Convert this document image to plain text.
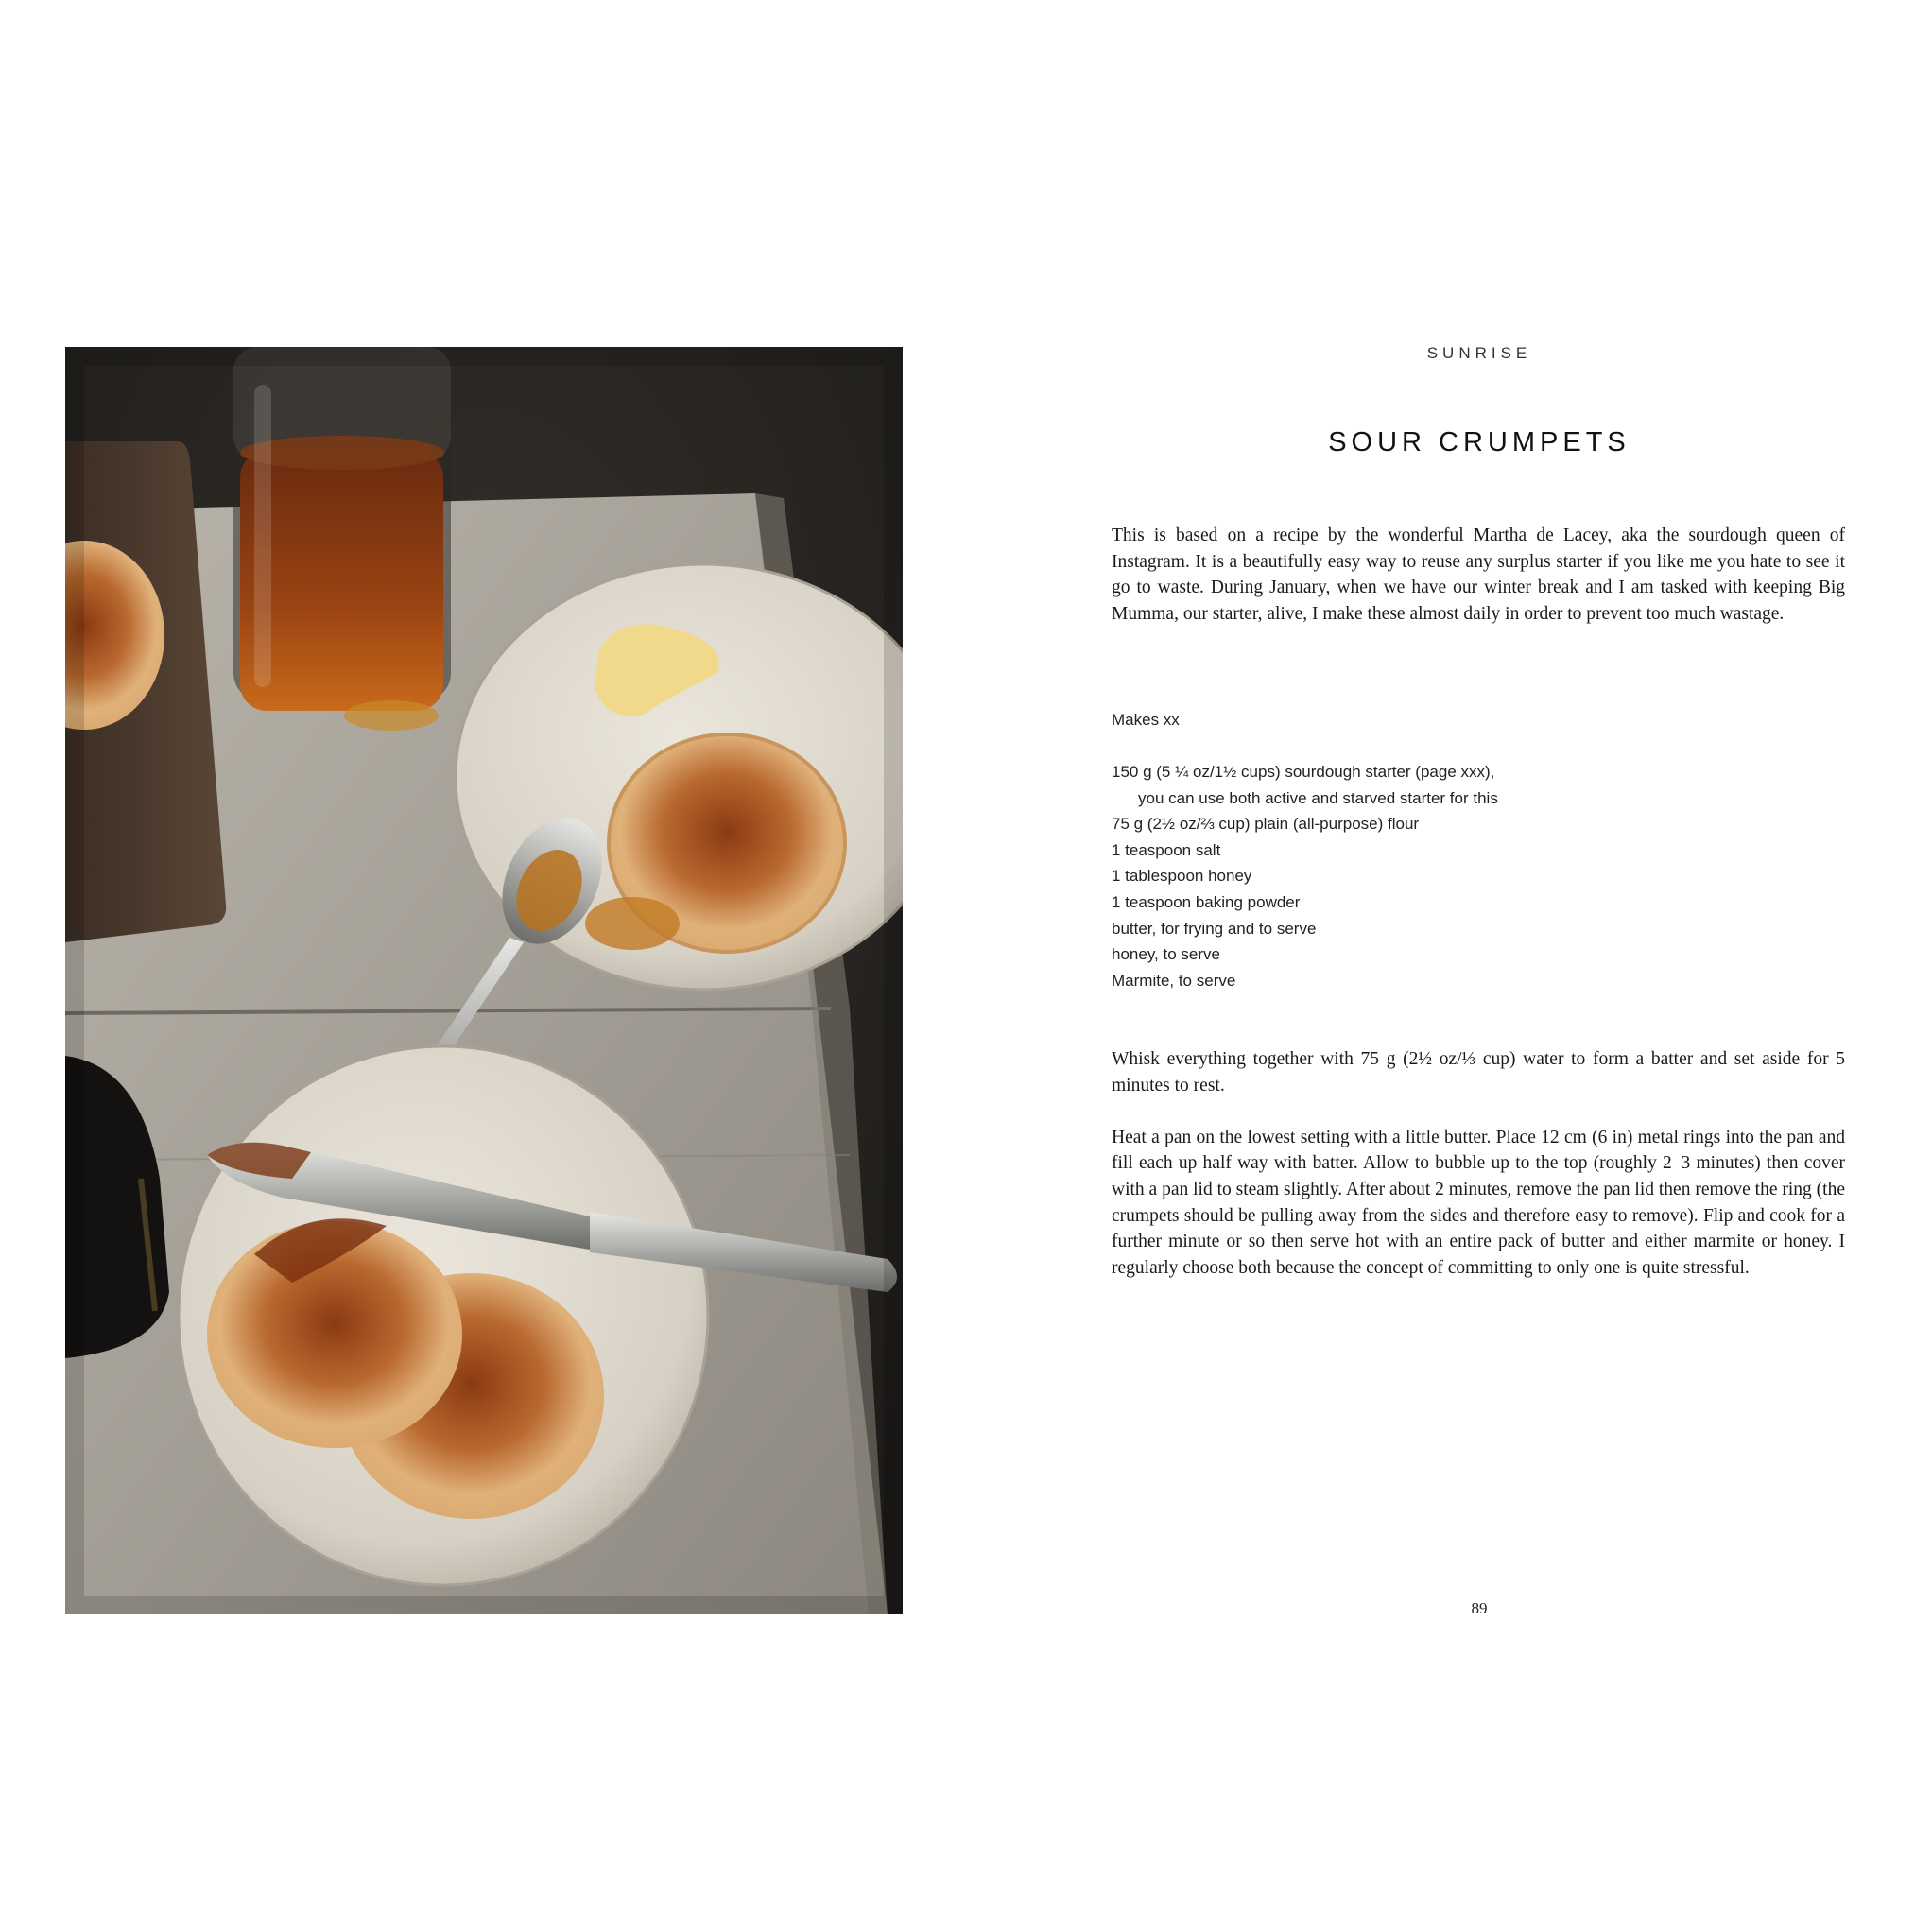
SUNRISE
SOUR CRUMPETS

This is based on a recipe by the wonderful Martha de Lacey, aka the sourdough queen of Instagram. It is a beautifully easy way to reuse any surplus starter if you like me you hate to see it go to waste. During January, when we have our winter break and I am tasked with keeping Big Mumma, our starter, alive, I make these almost daily in order to prevent too much wastage.

Makes xx
150 g (5 ¼ oz/1½ cups) sourdough starter (page xxx),
you can use both active and starved starter for this
75 g (2½ oz/⅔ cup) plain (all-purpose) flour
1 teaspoon salt
1 tablespoon honey
1 teaspoon baking powder
butter, for frying and to serve
honey, to serve
Marmite, to serve

Whisk everything together with 75 g (2½ oz/⅓ cup) water to form a batter and set aside for 5 minutes to rest.

Heat a pan on the lowest setting with a little butter. Place 12 cm (6 in) metal rings into the pan and fill each up half way with batter. Allow to bubble up to the top (roughly 2–3 minutes) then cover with a pan lid to steam slightly. After about 2 minutes, remove the pan lid then remove the ring (the crumpets should be pulling away from the sides and therefore easy to remove). Flip and cook for a further minute or so then serve hot with an entire pack of butter and either marmite or honey. I regularly choose both because the concept of committing to only one is quite stressful.

89
